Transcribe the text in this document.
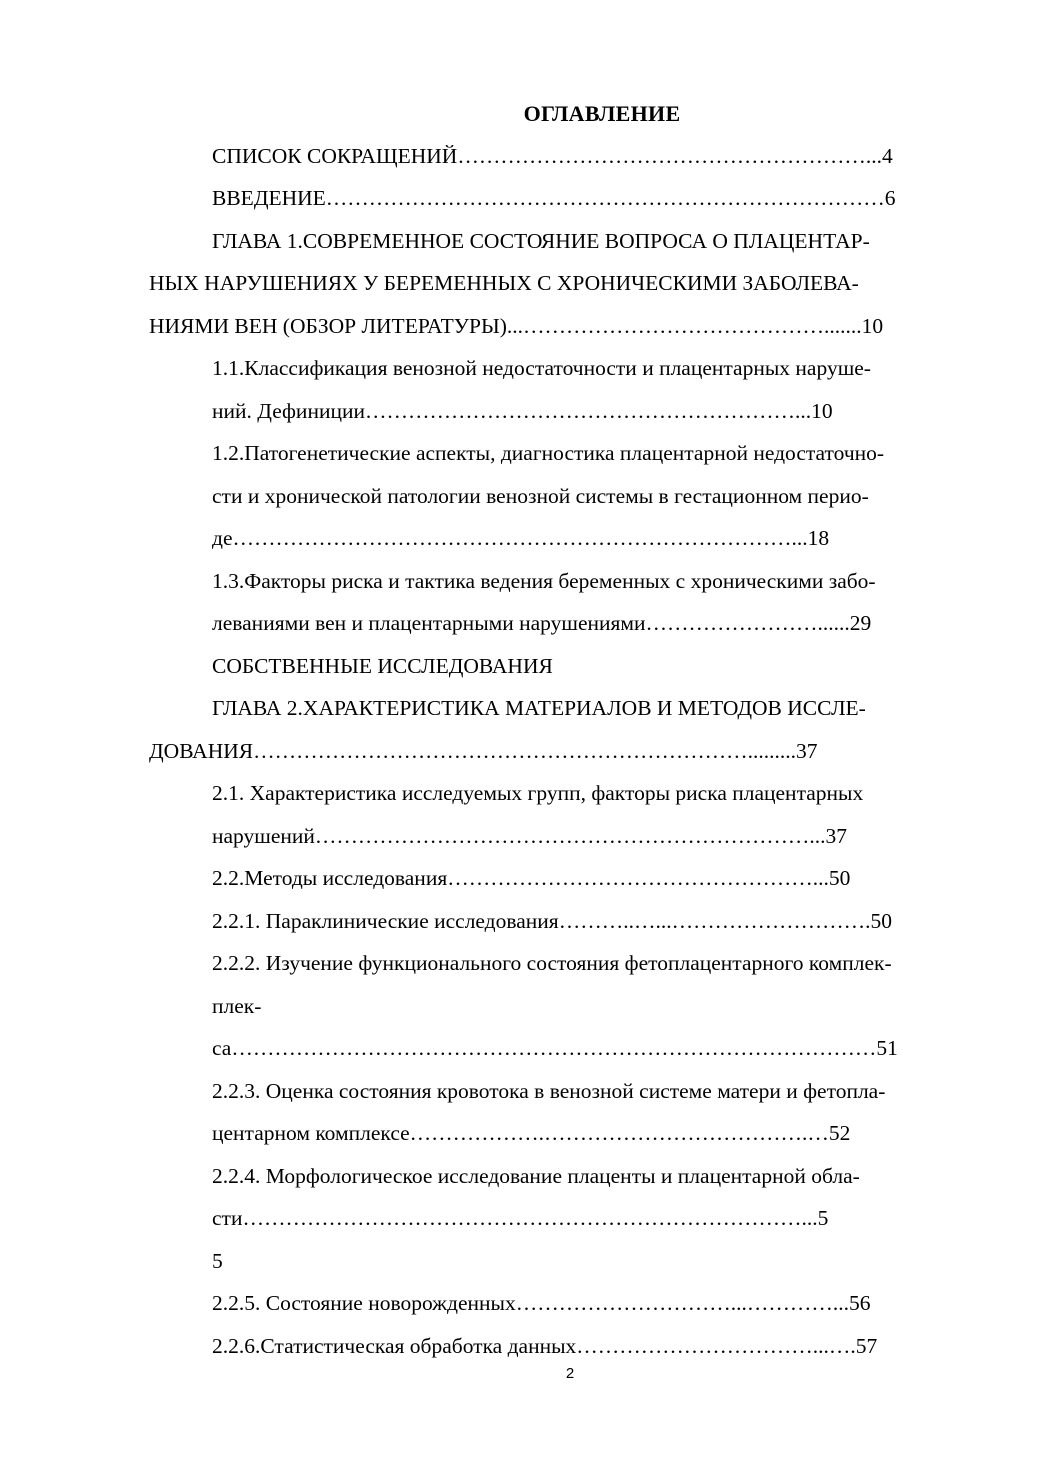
ОГЛАВЛЕНИЕ
СПИСОК СОКРАЩЕНИЙ…………………………………………………...4
ВВЕДЕНИЕ……………………………………………………………………6
ГЛАВА 1.СОВРЕМЕННОЕ СОСТОЯНИЕ ВОПРОСА О ПЛАЦЕНТАР-
НЫХ НАРУШЕНИЯХ У БЕРЕМЕННЫХ С ХРОНИЧЕСКИМИ ЗАБОЛЕВА-
НИЯМИ ВЕН (ОБЗОР ЛИТЕРАТУРЫ)...…………………………………….......10
1.1.Классификация венозной недостаточности и плацентарных наруше-
ний. Дефиниции……………………………………………………...10
1.2.Патогенетические аспекты, диагностика плацентарной недостаточно-
сти и хронической патологии венозной системы в гестационном перио-
де……………………………………………………………………...18
1.3.Факторы риска и тактика ведения беременных с хроническими забо-
леваниями вен и плацентарными нарушениями……………………......29
СОБСТВЕННЫЕ ИССЛЕДОВАНИЯ
ГЛАВА 2.ХАРАКТЕРИСТИКА МАТЕРИАЛОВ И МЕТОДОВ ИССЛЕ-
ДОВАНИЯ…………………………………………………………….........37
2.1. Характеристика исследуемых групп, факторы риска плацентарных
нарушений……………………………………………………………...37
2.2.Методы исследования……………………………………………...50
2.2.1. Параклинические исследования………..…...……………………….50
2.2.2. Изучение функционального состояния фетоплацентарного комплек-
плек-
са………………………………………………………………………………51
2.2.3. Оценка состояния кровотока в венозной системе матери и фетопла-
центарном комплексе……………….……………………………….…52
2.2.4. Морфологическое исследование плаценты и плацентарной обла-
сти……………………………………………………………………...5
5
2.2.5. Состояние новорожденных…………………………...…………...56
2.2.6.Статистическая обработка данных……………………………...….57
2
